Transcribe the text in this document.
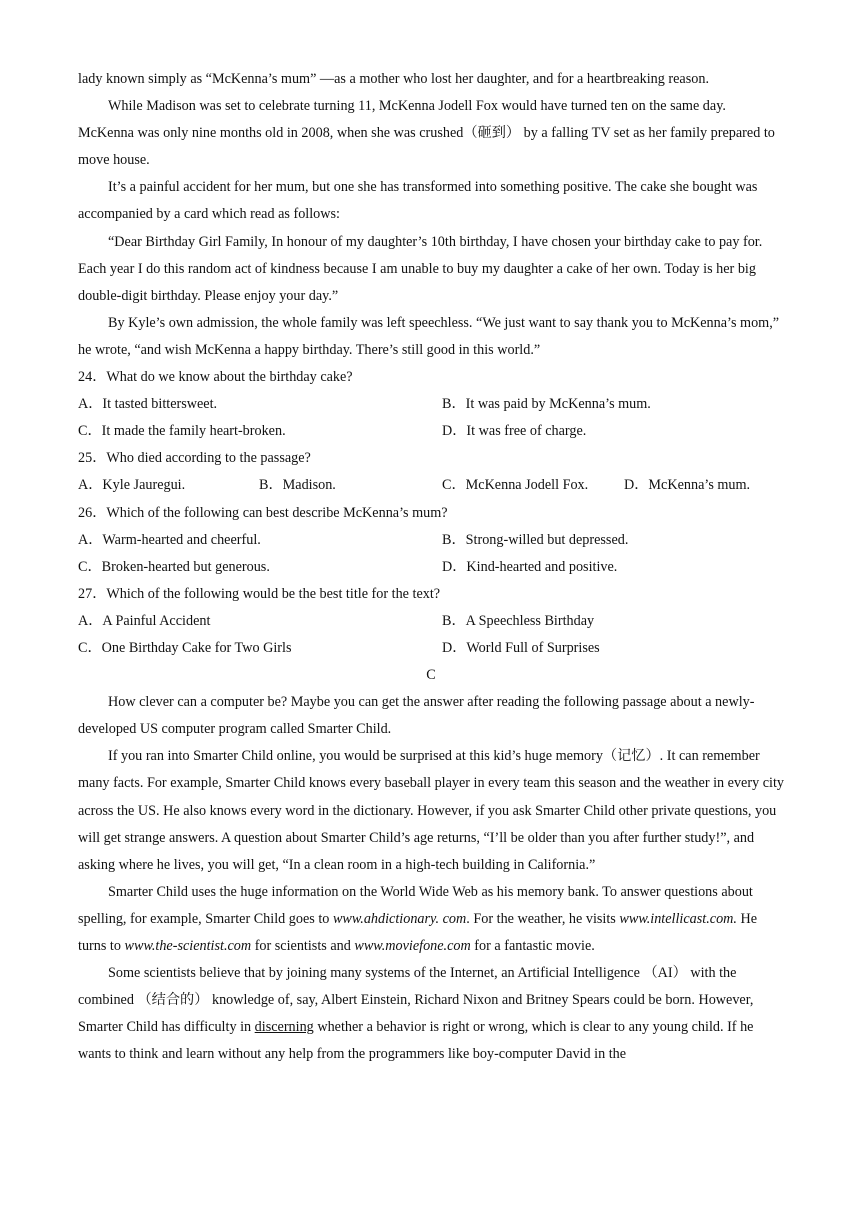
lady known simply as “McKenna’s mum” —as a mother who lost her daughter, and for a heartbreaking reason.

While Madison was set to celebrate turning 11, McKenna Jodell Fox would have turned ten on the same day. McKenna was only nine months old in 2008, when she was crushed（砸到） by a falling TV set as her family prepared to move house.

It’s a painful accident for her mum, but one she has transformed into something positive. The cake she bought was accompanied by a card which read as follows:

“Dear Birthday Girl Family, In honour of my daughter’s 10th birthday, I have chosen your birthday cake to pay for. Each year I do this random act of kindness because I am unable to buy my daughter a cake of her own. Today is her big double-digit birthday. Please enjoy your day.”

By Kyle’s own admission, the whole family was left speechless. “We just want to say thank you to McKenna’s mom,” he wrote, “and wish McKenna a happy birthday. There’s still good in this world.”

24．What do we know about the birthday cake?

A．It tasted bittersweet.	B．It was paid by McKenna’s mum.
C．It made the family heart-broken.	D．It was free of charge.

25．Who died according to the passage?

A．Kyle Jauregui.	B．Madison.	C．McKenna Jodell Fox.	D．McKenna’s mum.

26．Which of the following can best describe McKenna’s mum?

A．Warm-hearted and cheerful.	B．Strong-willed but depressed.
C．Broken-hearted but generous.	D．Kind-hearted and positive.

27．Which of the following would be the best title for the text?

A．A Painful Accident	B．A Speechless Birthday
C．One Birthday Cake for Two Girls	D．World Full of Surprises

C

How clever can a computer be? Maybe you can get the answer after reading the following passage about a newly-developed US computer program called Smarter Child.

If you ran into Smarter Child online, you would be surprised at this kid’s huge memory（记忆）. It can remember many facts. For example, Smarter Child knows every baseball player in every team this season and the weather in every city across the US. He also knows every word in the dictionary. However, if you ask Smarter Child other private questions, you will get strange answers. A question about Smarter Child’s age returns, “I’ll be older than you after further study!”, and asking where he lives, you will get, “In a clean room in a high-tech building in California.”

Smarter Child uses the huge information on the World Wide Web as his memory bank. To answer questions about spelling, for example, Smarter Child goes to www.ahdictionary. com. For the weather, he visits www.intellicast.com. He turns to www.the-scientist.com for scientists and www.moviefone.com for a fantastic movie.

Some scientists believe that by joining many systems of the Internet, an Artificial Intelligence （AI） with the combined （结合的） knowledge of, say, Albert Einstein, Richard Nixon and Britney Spears could be born. However, Smarter Child has difficulty in discerning whether a behavior is right or wrong, which is clear to any young child. If he wants to think and learn without any help from the programmers like boy-computer David in the
